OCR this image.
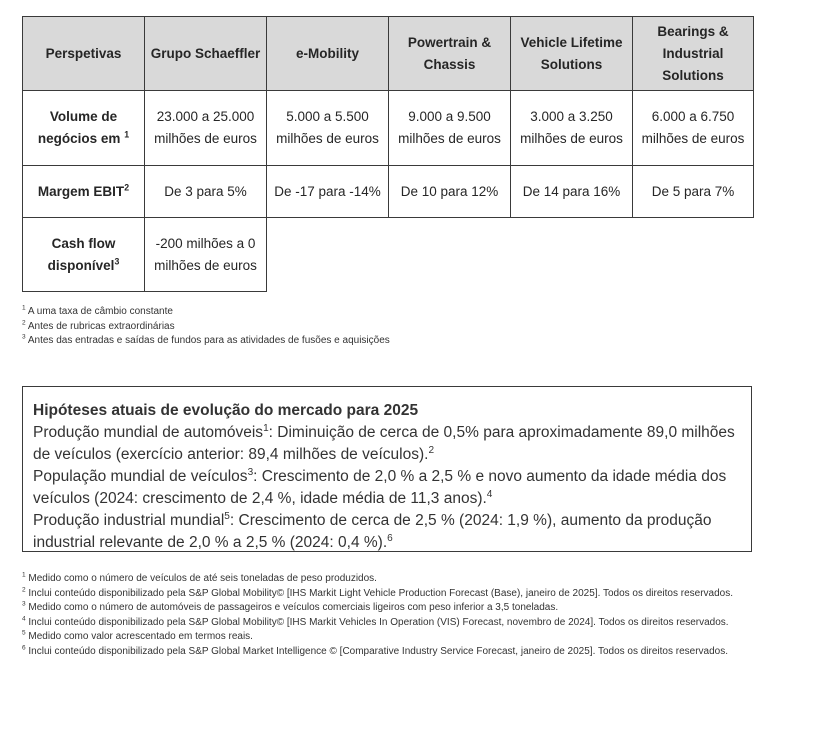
Perspetivas	Grupo Schaeffler	e-Mobility	Powertrain & Chassis	Vehicle Lifetime Solutions	Bearings & Industrial Solutions
Volume de negócios em $^1$	23.000 a 25.000 milhões de euros	5.000 a 5.500 milhões de euros	9.000 a 9.500 milhões de euros	3.000 a 3.250 milhões de euros	6.000 a 6.750 milhões de euros
Margem EBIT$^2$	De 3 para 5%	De -17 para -14%	De 10 para 12%	De 14 para 16%	De 5 para 7%
Cash flow disponível$^3$	-200 milhões a 0 milhões de euros				

$^1$ A uma taxa de câmbio constante

$^2$ Antes de rubricas extraordinárias

$^3$ Antes das entradas e saídas de fundos para as atividades de fusões e aquisições

Hipóteses atuais de evolução do mercado para 2025

Produção mundial de automóveis$^1$: Diminuição de cerca de 0,5% para aproximadamente 89,0 milhões de veículos (exercício anterior: 89,4 milhões de veículos).$^2$

População mundial de veículos$^3$: Crescimento de 2,0 % a 2,5 % e novo aumento da idade média dos veículos (2024: crescimento de 2,4 %, idade média de 11,3 anos).$^4$

Produção industrial mundial$^5$: Crescimento de cerca de 2,5 % (2024: 1,9 %), aumento da produção industrial relevante de 2,0 % a 2,5 % (2024: 0,4 %).$^6$

$^1$ Medido como o número de veículos de até seis toneladas de peso produzidos.

$^2$ Inclui conteúdo disponibilizado pela S&P Global Mobility© [IHS Markit Light Vehicle Production Forecast (Base), janeiro de 2025]. Todos os direitos reservados.

$^3$ Medido como o número de automóveis de passageiros e veículos comerciais ligeiros com peso inferior a 3,5 toneladas.

$^4$ Inclui conteúdo disponibilizado pela S&P Global Mobility© [IHS Markit Vehicles In Operation (VIS) Forecast, novembro de 2024]. Todos os direitos reservados.

$^5$ Medido como valor acrescentado em termos reais.

$^6$ Inclui conteúdo disponibilizado pela S&P Global Market Intelligence © [Comparative Industry Service Forecast, janeiro de 2025]. Todos os direitos reservados.
